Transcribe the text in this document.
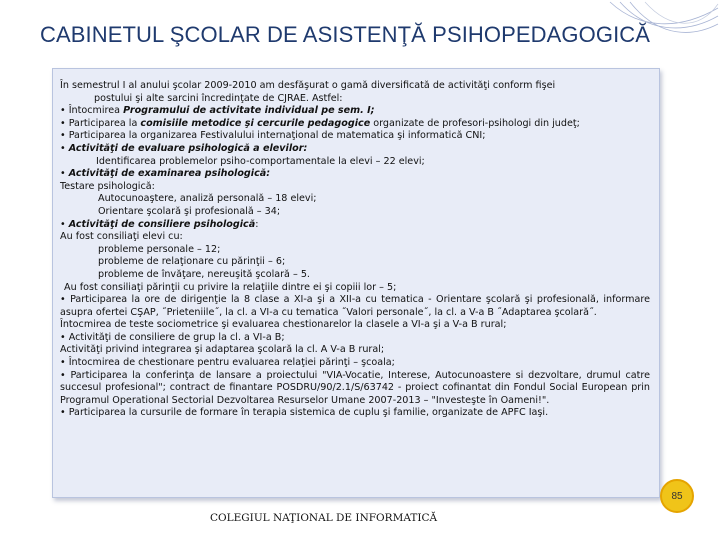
CABINETUL ŞCOLAR DE ASISTENŢĂ PSIHOPEDAGOGICĂ

În semestrul I al anului şcolar 2009-2010 am desfăşurat o gamă diversificată de activităţi conform fişei

postului şi alte sarcini încredinţate de CJRAE. Astfel:

• Întocmirea Programului de activitate individual pe sem. I;

• Participarea la comisiile metodice şi cercurile pedagogice organizate de profesori-psihologi din judeţ;

• Participarea la organizarea Festivalului internaţional de matematica şi informatică CNI;

• Activităţi de evaluare psihologică a elevilor:

Identificarea problemelor psiho-comportamentale la elevi – 22 elevi;

• Activităţi de examinarea psihologică:

Testare psihologică:

Autocunoaştere, analiză personală – 18 elevi;

Orientare şcolară şi profesională – 34;

• Activităţi de consiliere psihologică:

Au fost consiliaţi elevi cu:

probleme personale – 12;

probleme de relaţionare cu părinţii – 6;

probleme de învăţare, nereuşită şcolară – 5.

Au fost consiliaţi părinţii cu privire la relaţiile dintre ei şi copiii lor – 5;

• Participarea la ore de dirigenţie la 8 clase a XI-a şi a XII-a cu tematica - Orientare şcolară şi profesională, informare asupra ofertei CŞAP, ˝Prieteniile˝, la cl. a VI-a cu tematica ˝Valori personale˝, la cl. a V-a B ˝Adaptarea şcolară˝.

Întocmirea de teste sociometrice şi evaluarea chestionarelor la clasele a VI-a şi a V-a B rural;

• Activităţi de consiliere de grup la cl. a VI-a B;

Activităţi privind integrarea şi adaptarea şcolară la cl. A V-a B rural;

• Întocmirea de chestionare pentru evaluarea relaţiei părinţi – şcoala;

• Participarea la conferinţa de lansare a proiectului "VIA-Vocatie, Interese, Autocunoastere si dezvoltare, drumul catre succesul profesional"; contract de finantare POSDRU/90/2.1/S/63742 - proiect cofinantat din Fondul Social European prin Programul Operational Sectorial Dezvoltarea Resurselor Umane 2007-2013 – "Investeşte în Oameni!".

• Participarea la cursurile de formare în terapia sistemica de cuplu şi familie, organizate de APFC Iaşi.

COLEGIUL NAŢIONAL DE INFORMATICĂ
85
